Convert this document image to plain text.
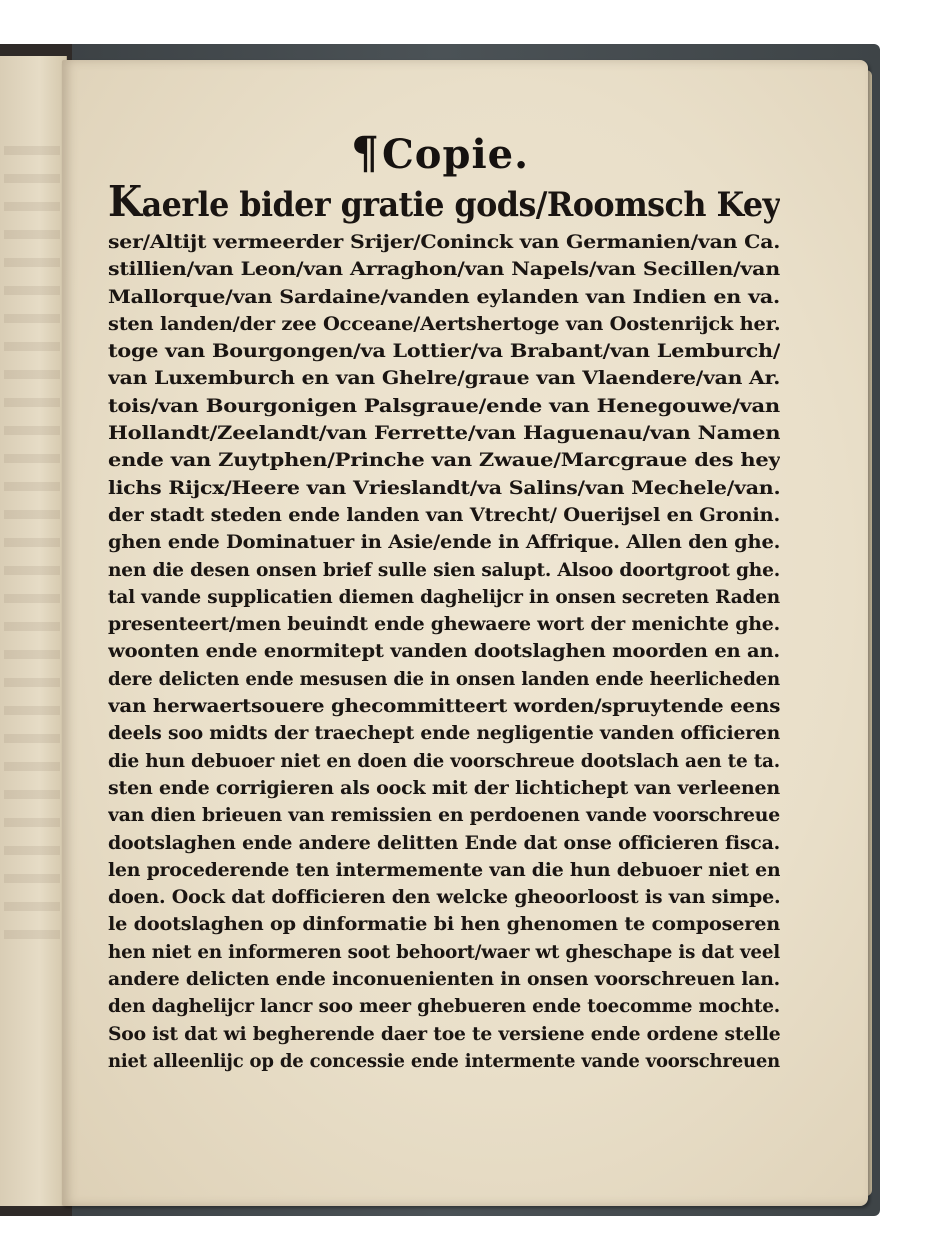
¶Copie.
Kaerle bider gratie gods/Roomsch Key
ser/Altijt vermeerder Srijer/Coninck van Germanien/van Ca.
stillien/van Leon/van Arraghon/van Napels/van Secillen/van
Mallorque/van Sardaine/vanden eylanden van Indien en va.
sten landen/der zee Occeane/Aertshertoge van Oostenrijck her.
toge van Bourgongen/va Lottier/va Brabant/van Lemburch/
van Luxemburch en van Ghelre/graue van Vlaendere/van Ar.
tois/van Bourgonigen Palsgraue/ende van Henegouwe/van
Hollandt/Zeelandt/van Ferrette/van Haguenau/van Namen
ende van Zuytphen/Prinche van Zwaue/Marcgraue des hey
lichs Rijcx/Heere van Vrieslandt/va Salins/van Mechele/van.
der stadt steden ende landen van Vtrecht/ Ouerijsel en Gronin.
ghen ende Dominatuer in Asie/ende in Affrique. Allen den ghe.
nen die desen onsen brief sulle sien salupt. Alsoo doortgroot ghe.
tal vande supplicatien diemen daghelijcr in onsen secreten Raden
presenteert/men beuindt ende ghewaere wort der menichte ghe.
woonten ende enormitept vanden dootslaghen moorden en an.
dere delicten ende mesusen die in onsen landen ende heerlicheden
van herwaertsouere ghecommitteert worden/spruytende eens
deels soo midts der traechept ende negligentie vanden officieren
die hun debuoer niet en doen die voorschreue dootslach aen te ta.
sten ende corrigieren als oock mit der lichtichept van verleenen
van dien brieuen van remissien en perdoenen vande voorschreue
dootslaghen ende andere delitten Ende dat onse officieren fisca.
len procederende ten intermemente van die hun debuoer niet en
doen. Oock dat dofficieren den welcke gheoorloost is van simpe.
le dootslaghen op dinformatie bi hen ghenomen te composeren
hen niet en informeren soot behoort/waer wt gheschape is dat veel
andere delicten ende inconuenienten in onsen voorschreuen lan.
den daghelijcr lancr soo meer ghebueren ende toecomme mochte.
Soo ist dat wi begherende daer toe te versiene ende ordene stelle
niet alleenlijc op de concessie ende intermente vande voorschreuen
